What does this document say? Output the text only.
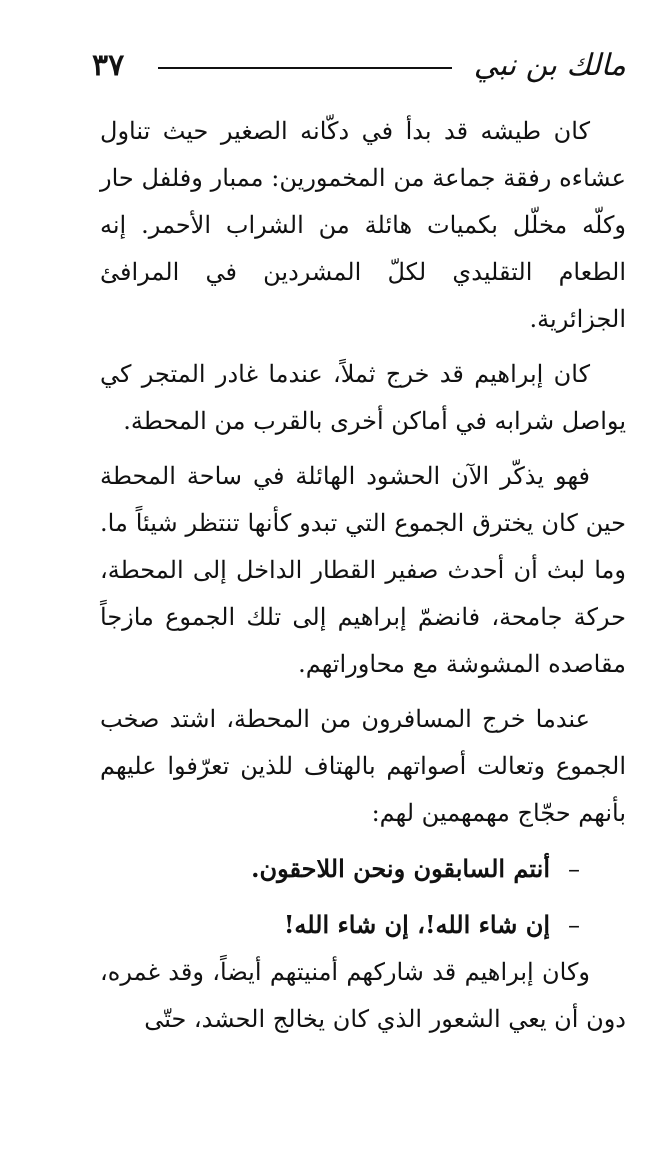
مالك بن نبي
٣٧

كان طيشه قد بدأ في دكّانه الصغير حيث تناول عشاءه رفقة جماعة من المخمورين: ممبار وفلفل حار وكلّه مخلّل بكميات هائلة من الشراب الأحمر. إنه الطعام التقليدي لكلّ المشردين في المرافئ الجزائرية.

كان إبراهيم قد خرج ثملاً، عندما غادر المتجر كي يواصل شرابه في أماكن أخرى بالقرب من المحطة.

فهو يذكّر الآن الحشود الهائلة في ساحة المحطة حين كان يخترق الجموع التي تبدو كأنها تنتظر شيئاً ما. وما لبث أن أحدث صفير القطار الداخل إلى المحطة، حركة جامحة، فانضمّ إبراهيم إلى تلك الجموع مازجاً مقاصده المشوشة مع محاوراتهم.

عندما خرج المسافرون من المحطة، اشتد صخب الجموع وتعالت أصواتهم بالهتاف للذين تعرّفوا عليهم بأنهم حجّاج مهمهمين لهم:

–أنتم السابقون ونحن اللاحقون.

–إن شاء الله!، إن شاء الله!

وكان إبراهيم قد شاركهم أمنيتهم أيضاً، وقد غمره، دون أن يعي الشعور الذي كان يخالج الحشد، حتّى
